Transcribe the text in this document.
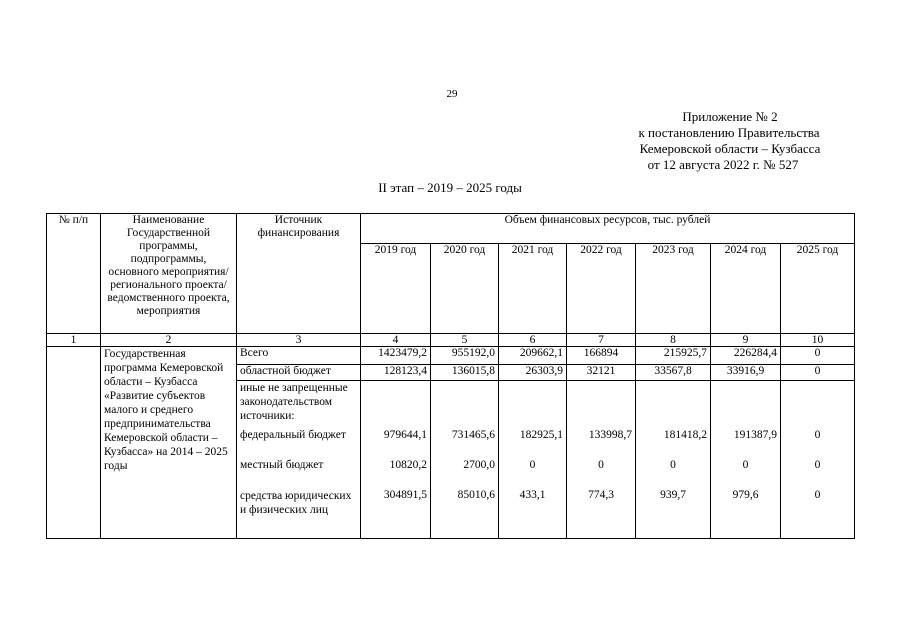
29
Приложение № 2
к постановлению Правительства
Кемеровской области – Кузбасса
от 12 августа 2022 г. № 527
II этап – 2019 – 2025 годы
№ п/п	Наименование Государственной программы, подпрограммы, основного мероприятия/ регионального проекта/ ведомственного проекта, мероприятия	Источник финансирования	Объем финансовых ресурсов, тыс. рублей						
			2019 год	2020 год	2021 год	2022 год	2023 год	2024 год	2025 год
1	2	3	4	5	6	7	8	9	10
	Государственная программа Кемеровской области – Кузбасса «Развитие субъектов малого и среднего предпринимательства Кемеровской области – Кузбасса» на 2014 – 2025 годы	Всего	1423479,2	955192,0	209662,1	166894	215925,7	226284,4	0
		областной бюджет	128123,4	136015,8	26303,9	32121	33567,8	33916,9	0
		иные не запрещенные законодательством источники:							
		федеральный бюджет	979644,1	731465,6	182925,1	133998,7	181418,2	191387,9	0
		местный бюджет	10820,2	2700,0	0	0	0	0	0
		средства юридических и физических лиц	304891,5	85010,6	433,1	774,3	939,7	979,6	0
